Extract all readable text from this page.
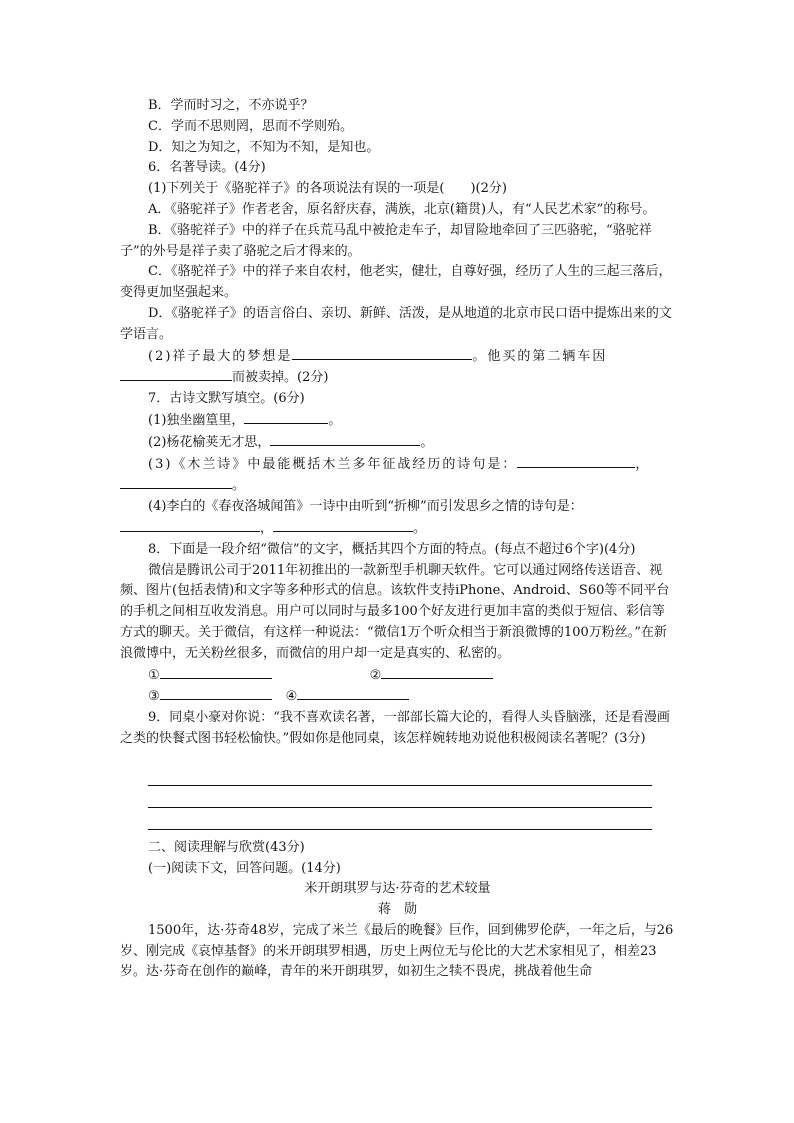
B．学而时习之，不亦说乎？

C．学而不思则罔，思而不学则殆。

D．知之为知之，不知为不知，是知也。

6．名著导读。(4分)

(1)下列关于《骆驼祥子》的各项说法有误的一项是(　　)(2分)

A．《骆驼祥子》作者老舍，原名舒庆春，满族，北京(籍贯)人，有“人民艺术家”的称号。

B．《骆驼祥子》中的祥子在兵荒马乱中被抢走车子，却冒险地牵回了三匹骆驼，“骆驼祥子”的外号是祥子卖了骆驼之后才得来的。

C．《骆驼祥子》中的祥子来自农村，他老实，健壮，自尊好强，经历了人生的三起三落后，变得更加坚强起来。

D．《骆驼祥子》的语言俗白、亲切、新鲜、活泼，是从地道的北京市民口语中提炼出来的文学语言。

(2)祥子最大的梦想是	。他买的第二辆车因

而被卖掉。(2分)

7．古诗文默写填空。(6分)

(1)独坐幽篁里，	。

(2)杨花榆荚无才思，	。

(3)《木兰诗》中最能概括木兰多年征战经历的诗句是：	，

。

(4)李白的《春夜洛城闻笛》一诗中由听到“折柳”而引发思乡之情的诗句是：

，	。

8．下面是一段介绍“微信”的文字，概括其四个方面的特点。(每点不超过6个字)(4分)

微信是腾讯公司于2011年初推出的一款新型手机聊天软件。它可以通过网络传送语音、视频、图片(包括表情)和文字等多种形式的信息。该软件支持iPhone、Android、S60等不同平台的手机之间相互收发消息。用户可以同时与最多100个好友进行更加丰富的类似于短信、彩信等方式的聊天。关于微信，有这样一种说法：“微信1万个听众相当于新浪微博的100万粉丝。”在新浪微博中，无关粉丝很多，而微信的用户却一定是真实的、私密的。

①	②
③	④

9．同桌小豪对你说：“我不喜欢读名著，一部部长篇大论的，看得人头昏脑涨，还是看漫画之类的快餐式图书轻松愉快。”假如你是他同桌，该怎样婉转地劝说他积极阅读名著呢？(3分)

二、阅读理解与欣赏(43分)

(一)阅读下文，回答问题。(14分)

米开朗琪罗与达·芬奇的艺术较量

蒋　勋

1500年，达·芬奇48岁，完成了米兰《最后的晚餐》巨作，回到佛罗伦萨，一年之后，与26岁、刚完成《哀悼基督》的米开朗琪罗相遇，历史上两位无与伦比的大艺术家相见了，相差23岁。达·芬奇在创作的巅峰，青年的米开朗琪罗，如初生之犊不畏虎，挑战着他生命
